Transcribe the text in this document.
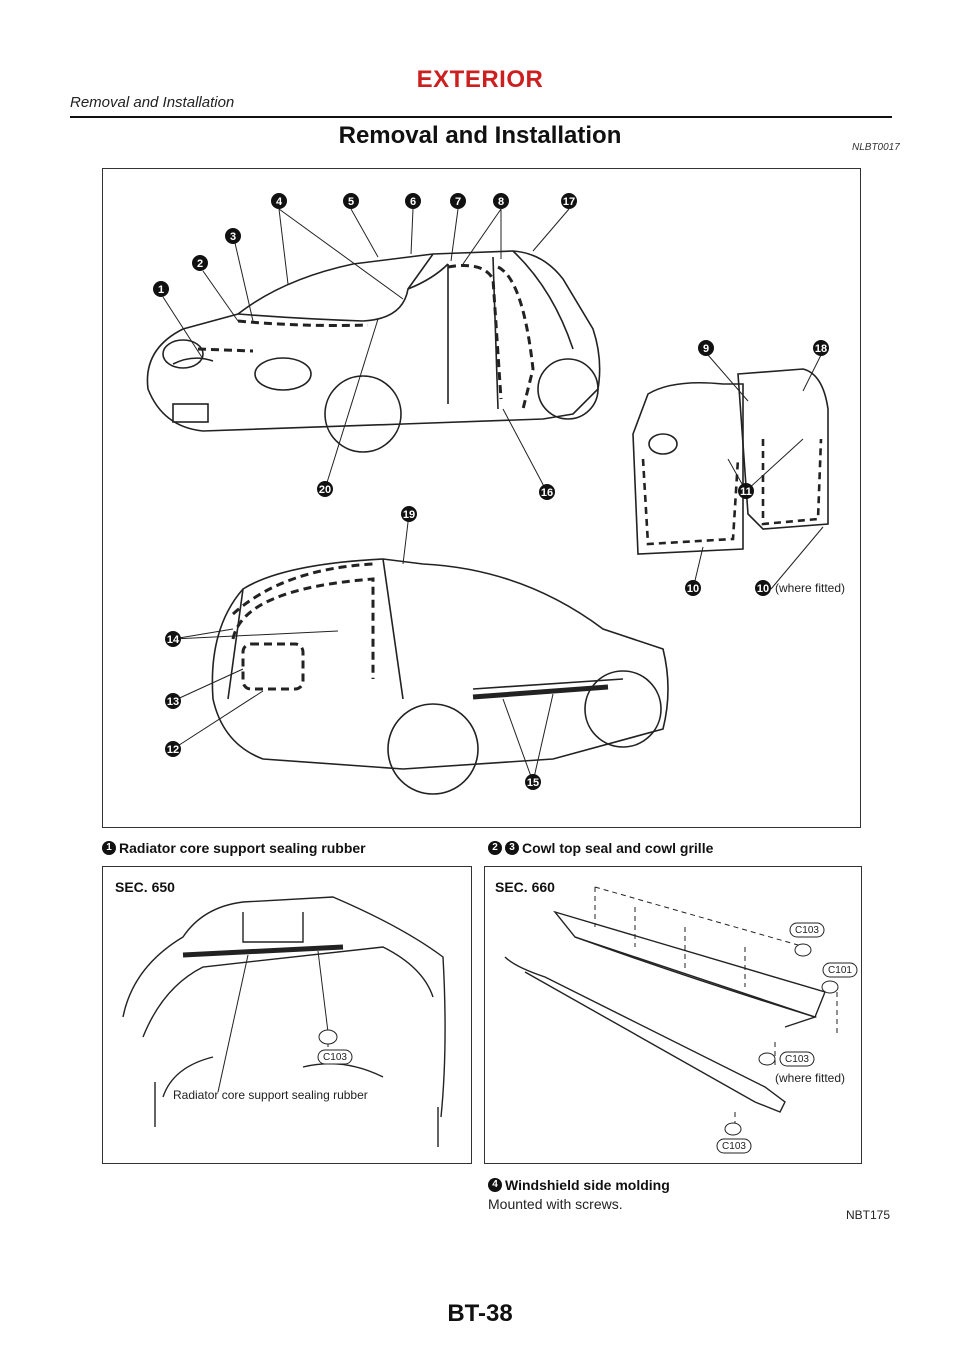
EXTERIOR
Removal and Installation
Removal and Installation	NLBT0017
1
2
3
4	5	6	7	8
9
10	10 (where fitted)
11
12
13
14
15
16
17
18
19
20
1 Radiator core support sealing rubber	2	3 Cowl top seal and cowl grille
SEC. 650
C103
Radiator core support sealing rubber
SEC. 660
C103
C101
C103
(where fitted)
C103
4 Windshield side molding
Mounted with screws.
NBT175
BT-38
